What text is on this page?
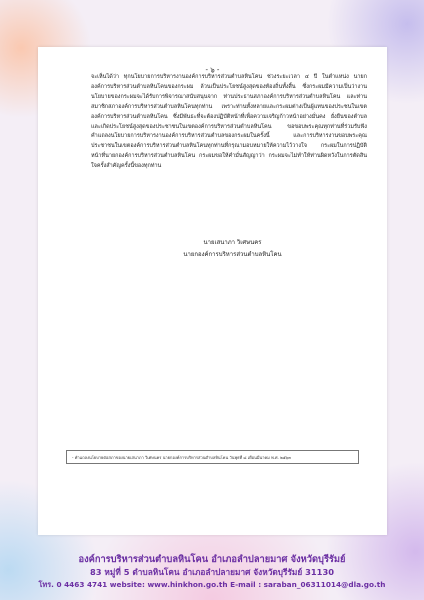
- ๖ -

จะเห็นได้ว่า ทุกนโยบายการบริหารงานองค์การบริหารส่วนตำบลหินโคน ช่วงระยะเวลา ๔ ปี ในตำแหน่ง นายกองค์การบริหารส่วนตำบลหินโคนของกระผม ล้วนเป็นประโยชน์สูงสุดของท้องถิ่นทั้งสิ้น ซึ่งกระผมมีความเป็นว่างานนโยบายของกระผมจะได้รับการพิจารณาสนับสนุนจาก ท่านประธานสภาองค์การบริหารส่วนตำบลหินโคน และท่านสมาชิกสภาองค์การบริหารส่วนตำบลหินโคนทุกท่าน เพราะท่านทั้งหลายและกระผมต่างเป็นผู้แทนของประชนในเขตองค์การบริหารส่วนตำบลหินโคน ซึ่งมีพันธะที่จะต้องปฏิบัติหน้าที่เพื่อความเจริญก้าวหน้าอย่างมั่นคง ยั่งยืนของตำบล และเกิดประโยชน์สูงสุดของประชาชนในเขตองค์การบริหารส่วนตำบลหินโคน ขอขอบพระคุณทุกท่านที่ร่วมรับฟัง คำแถลงนโยบายการบริหารงานองค์การบริหารส่วนตำบลของกระผมในครั้งนี้ และการบริหารงานขอบพระคุณประชาชนในเขตองค์การบริหารส่วนตำบลหินโคนทุกท่านที่กรุณามอบหมายให้ความไว้วางใจ กระผมในการปฏิบัติหน้าที่นายกองค์การบริหารส่วนตำบลหินโคน กระผมขอให้คำมั่นสัญญาว่า กระผมจะไม่ทำให้ท่านผิดหวังในการตัดสินใจครั้งสำคัญครั้งนี้ของทุกท่าน

นายเสนาภา วิเศษนคร
นายกองค์การบริหารส่วนตำบลหินโคน
- คำแถลงนโยบายต่อสภาของนายเสนาภา วิเศษนคร นายกองค์การบริหารส่วนตำบลหินโคน วันพุธที่ ๘ เดือนมีนาคม พ.ศ. ๒๕๖๓
องค์การบริหารส่วนตำบลหินโคน อำเภอลำปลายมาศ จังหวัดบุรีรัมย์
83 หมู่ที่ 5 ตำบลหินโคน อำเภอลำปลายมาศ จังหวัดบุรีรัมย์ 31130
โทร. 0 4463 4741 website: www.hinkhon.go.th E-mail : saraban_06311014@dla.go.th
